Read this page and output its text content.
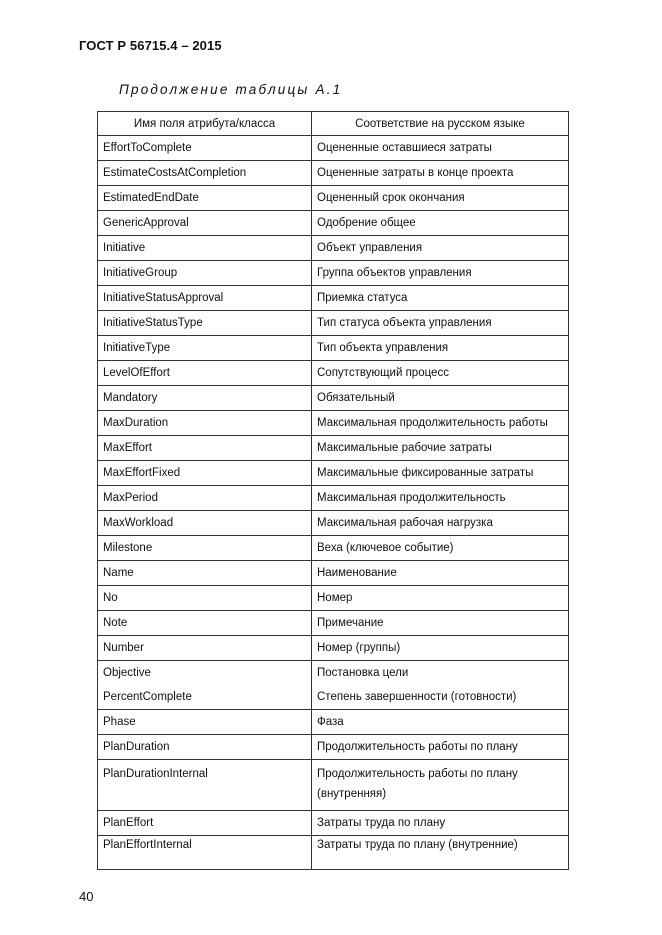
ГОСТ Р 56715.4 – 2015
Продолжение таблицы А.1
Имя поля атрибута/класса	Соответствие на русском языке
EffortToComplete	Оцененные оставшиеся затраты
EstimateCostsAtCompletion	Оцененные затраты в конце проекта
EstimatedEndDate	Оцененный срок окончания
GenericApproval	Одобрение общее
Initiative	Объект управления
InitiativeGroup	Группа объектов управления
InitiativeStatusApproval	Приемка статуса
InitiativeStatusType	Тип статуса объекта управления
InitiativeType	Тип объекта управления
LevelOfEffort	Сопутствующий процесс
Mandatory	Обязательный
MaxDuration	Максимальная продолжительность работы
MaxEffort	Максимальные рабочие затраты
MaxEffortFixed	Максимальные фиксированные затраты
MaxPeriod	Максимальная продолжительность
MaxWorkload	Максимальная рабочая нагрузка
Milestone	Веха (ключевое событие)
Name	Наименование
No	Номер
Note	Примечание
Number	Номер (группы)
Objective	Постановка цели
PercentComplete	Степень завершенности (готовности)
Phase	Фаза
PlanDuration	Продолжительность работы по плану
PlanDurationInternal	Продолжительность работы по плану (внутренняя)
PlanEffort	Затраты труда по плану
PlanEffortInternal	Затраты труда по плану (внутренние)
40
